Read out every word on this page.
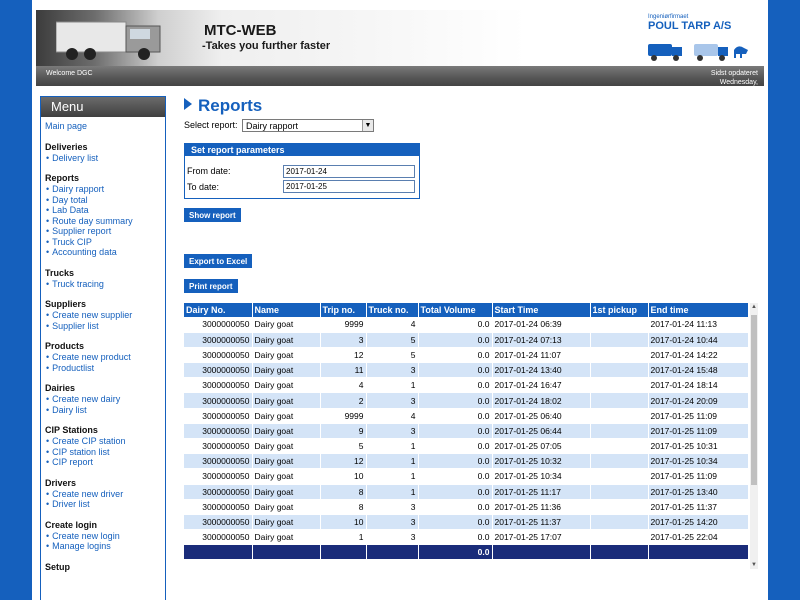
MTC-WEB
-Takes you further faster
Ingeniørfirmaet
POUL TARP A/S
Welcome DGC	Sidst opdateret
Wednesday,
Menu
Main page
Deliveries
• Delivery list
Reports
• Dairy rapport
• Day total
• Lab Data
• Route day summary
• Supplier report
• Truck CIP
• Accounting data
Trucks
• Truck tracing
Suppliers
• Create new supplier
• Supplier list
Products
• Create new product
• Productlist
Dairies
• Create new dairy
• Dairy list
CIP Stations
• Create CIP station
• CIP station list
• CIP report
Drivers
• Create new driver
• Driver list
Create login
• Create new login
• Manage logins
Setup
Reports
Select report: Dairy rapport	▼
Set report parameters
From date:	2017-01-24
To date:	2017-01-25
Show report
Export to Excel
Print report
Dairy No.	Name	Trip no.	Truck no.	Total Volume	Start Time	1st pickup	End time
3000000050	Dairy goat	9999	4	0.0	2017-01-24 06:39		2017-01-24 11:13
3000000050	Dairy goat	3	5	0.0	2017-01-24 07:13		2017-01-24 10:44
3000000050	Dairy goat	12	5	0.0	2017-01-24 11:07		2017-01-24 14:22
3000000050	Dairy goat	11	3	0.0	2017-01-24 13:40		2017-01-24 15:48
3000000050	Dairy goat	4	1	0.0	2017-01-24 16:47		2017-01-24 18:14
3000000050	Dairy goat	2	3	0.0	2017-01-24 18:02		2017-01-24 20:09
3000000050	Dairy goat	9999	4	0.0	2017-01-25 06:40		2017-01-25 11:09
3000000050	Dairy goat	9	3	0.0	2017-01-25 06:44		2017-01-25 11:09
3000000050	Dairy goat	5	1	0.0	2017-01-25 07:05		2017-01-25 10:31
3000000050	Dairy goat	12	1	0.0	2017-01-25 10:32		2017-01-25 10:34
3000000050	Dairy goat	10	1	0.0	2017-01-25 10:34		2017-01-25 11:09
3000000050	Dairy goat	8	1	0.0	2017-01-25 11:17		2017-01-25 13:40
3000000050	Dairy goat	8	3	0.0	2017-01-25 11:36		2017-01-25 11:37
3000000050	Dairy goat	10	3	0.0	2017-01-25 11:37		2017-01-25 14:20
3000000050	Dairy goat	1	3	0.0	2017-01-25 17:07		2017-01-25 22:04
				0.0			
▲
▼
